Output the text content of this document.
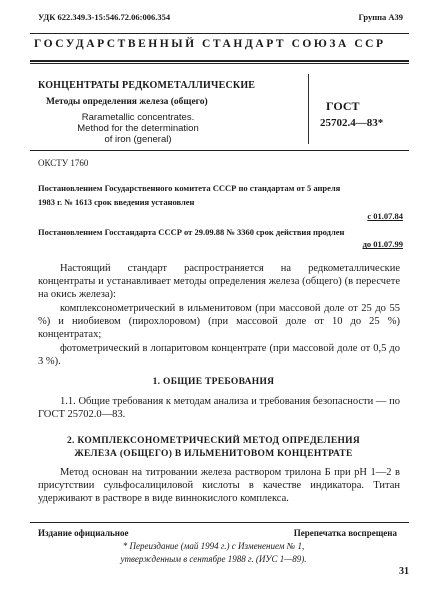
УДК 622.349.3-15:546.72.06:006.354	Группа А39
ГОСУДАРСТВЕННЫЙ СТАНДАРТ СОЮЗА ССР
КОНЦЕНТРАТЫ РЕДКОМЕТАЛЛИЧЕСКИЕ
Методы определения железа (общего)
Rarametallic concentrates.
Method for the determination
of iron (general)
ГОСТ
25702.4—83*
ОКСТУ 1760
Постановлением Государственного комитета СССР по стандартам от 5 апреля
1983 г. № 1613 срок введения установлен
с 01.07.84
Постановлением Госстандарта СССР от 29.09.88 № 3360 срок действия продлен
до 01.07.99
Настоящий стандарт распространяется на редкометаллические концентраты и устанавливает методы определения железа (общего) (в пересчете на окись железа):
комплексонометрический в ильменитовом (при массовой доле от 25 до 55 %) и ниобиевом (пирохлоровом) (при массовой доле от 10 до 25 %) концентратах;
фотометрический в лопаритовом концентрате (при массовой доле от 0,5 до 3 %).
1. ОБЩИЕ ТРЕБОВАНИЯ
1.1. Общие требования к методам анализа и требования безопасности — по ГОСТ 25702.0—83.
2. КОМПЛЕКСОНОМЕТРИЧЕСКИЙ МЕТОД ОПРЕДЕЛЕНИЯ
ЖЕЛЕЗА (ОБЩЕГО) В ИЛЬМЕНИТОВОМ КОНЦЕНТРАТЕ
Метод основан на титровании железа раствором трилона Б при pH 1—2 в присутствии сульфосалициловой кислоты в качестве индикатора. Титан удерживают в растворе в виде виннокислого комплекса.
Издание официальное	Перепечатка воспрещена
* Переиздание (май 1994 г.) с Изменением № 1,
утвержденным в сентябре 1988 г. (ИУС 1—89).
31
